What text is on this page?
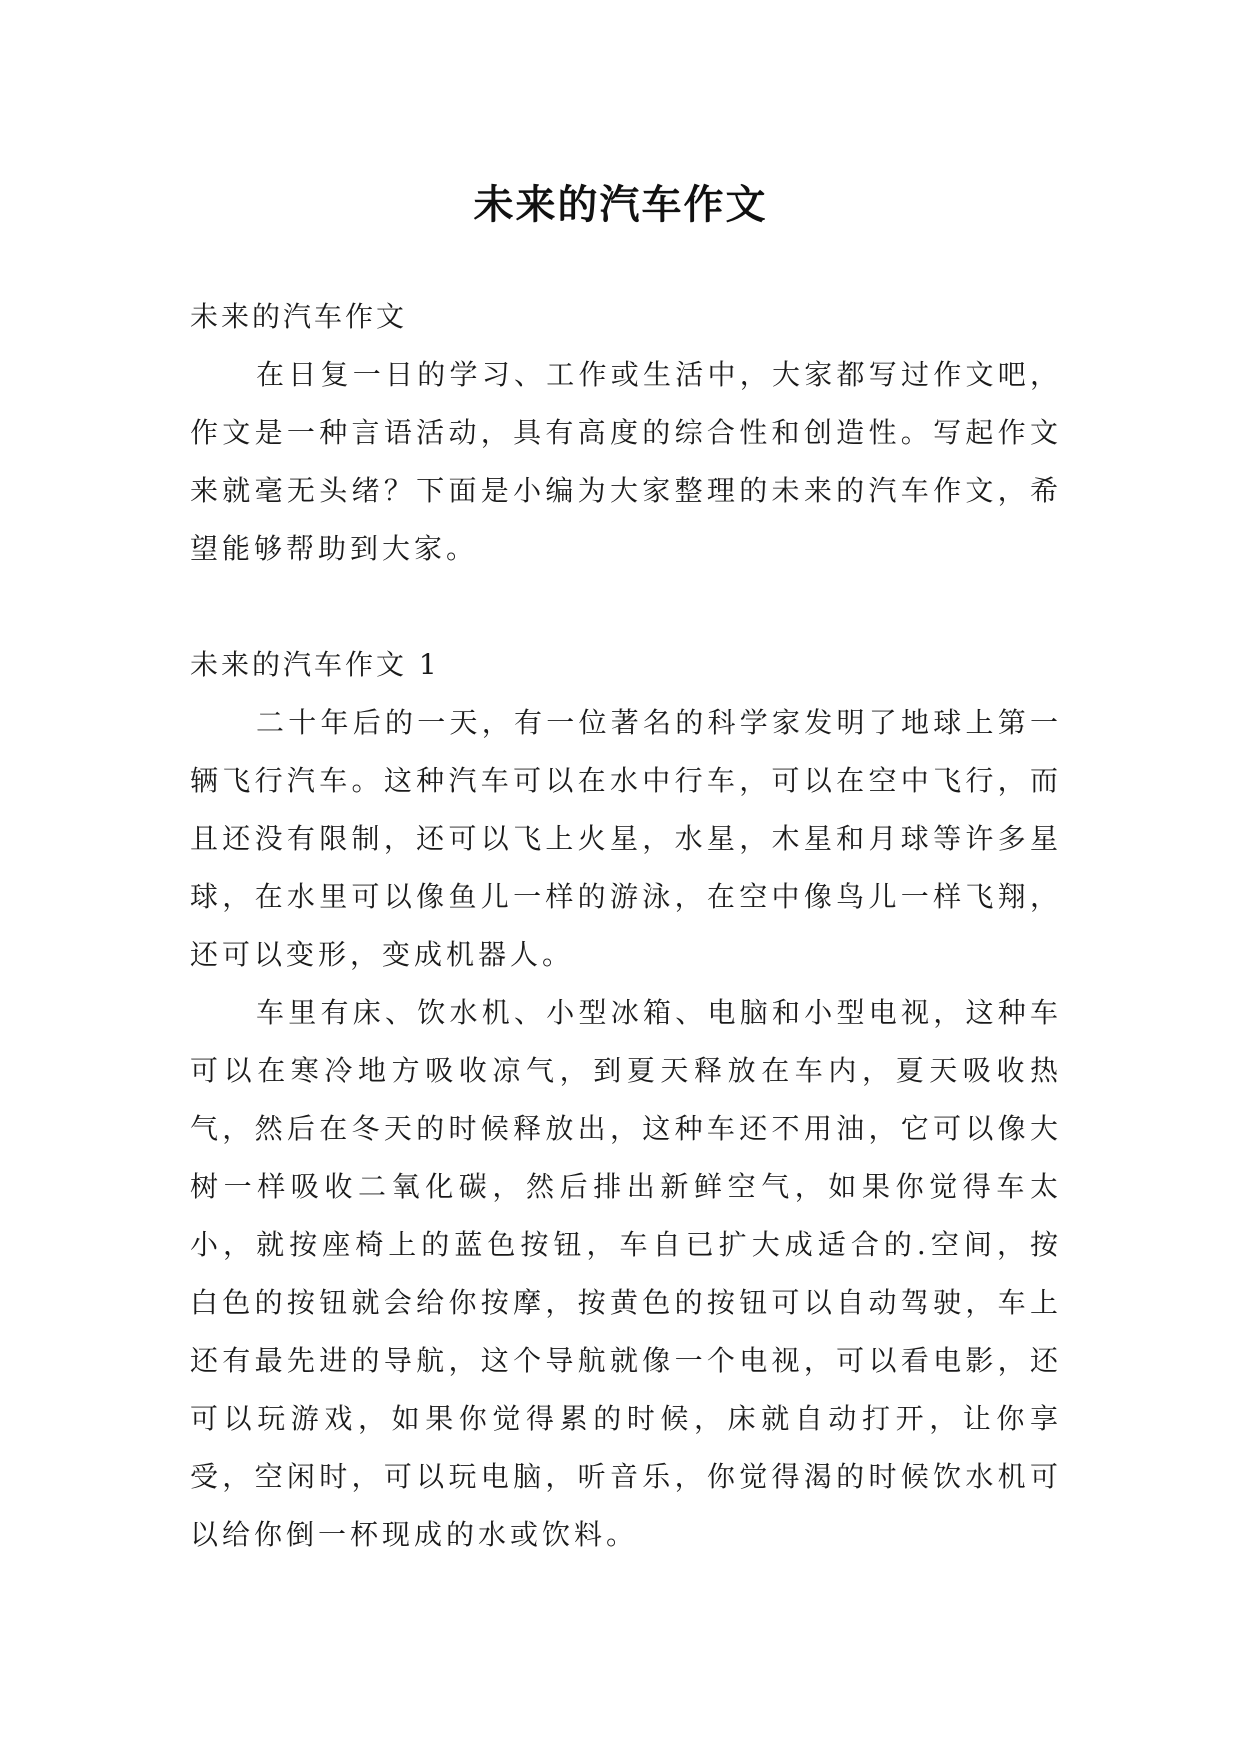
未来的汽车作文

未来的汽车作文

在日复一日的学习、工作或生活中，大家都写过作文吧，作文是一种言语活动，具有高度的综合性和创造性。写起作文来就毫无头绪？下面是小编为大家整理的未来的汽车作文，希望能够帮助到大家。

未来的汽车作文 1

二十年后的一天，有一位著名的科学家发明了地球上第一辆飞行汽车。这种汽车可以在水中行车，可以在空中飞行，而且还没有限制，还可以飞上火星，水星，木星和月球等许多星球，在水里可以像鱼儿一样的游泳，在空中像鸟儿一样飞翔，还可以变形，变成机器人。

车里有床、饮水机、小型冰箱、电脑和小型电视，这种车可以在寒冷地方吸收凉气，到夏天释放在车内，夏天吸收热气，然后在冬天的时候释放出，这种车还不用油，它可以像大树一样吸收二氧化碳，然后排出新鲜空气，如果你觉得车太小，就按座椅上的蓝色按钮，车自已扩大成适合的.空间，按白色的按钮就会给你按摩，按黄色的按钮可以自动驾驶，车上还有最先进的导航，这个导航就像一个电视，可以看电影，还可以玩游戏，如果你觉得累的时候，床就自动打开，让你享受，空闲时，可以玩电脑，听音乐，你觉得渴的时候饮水机可以给你倒一杯现成的水或饮料。
